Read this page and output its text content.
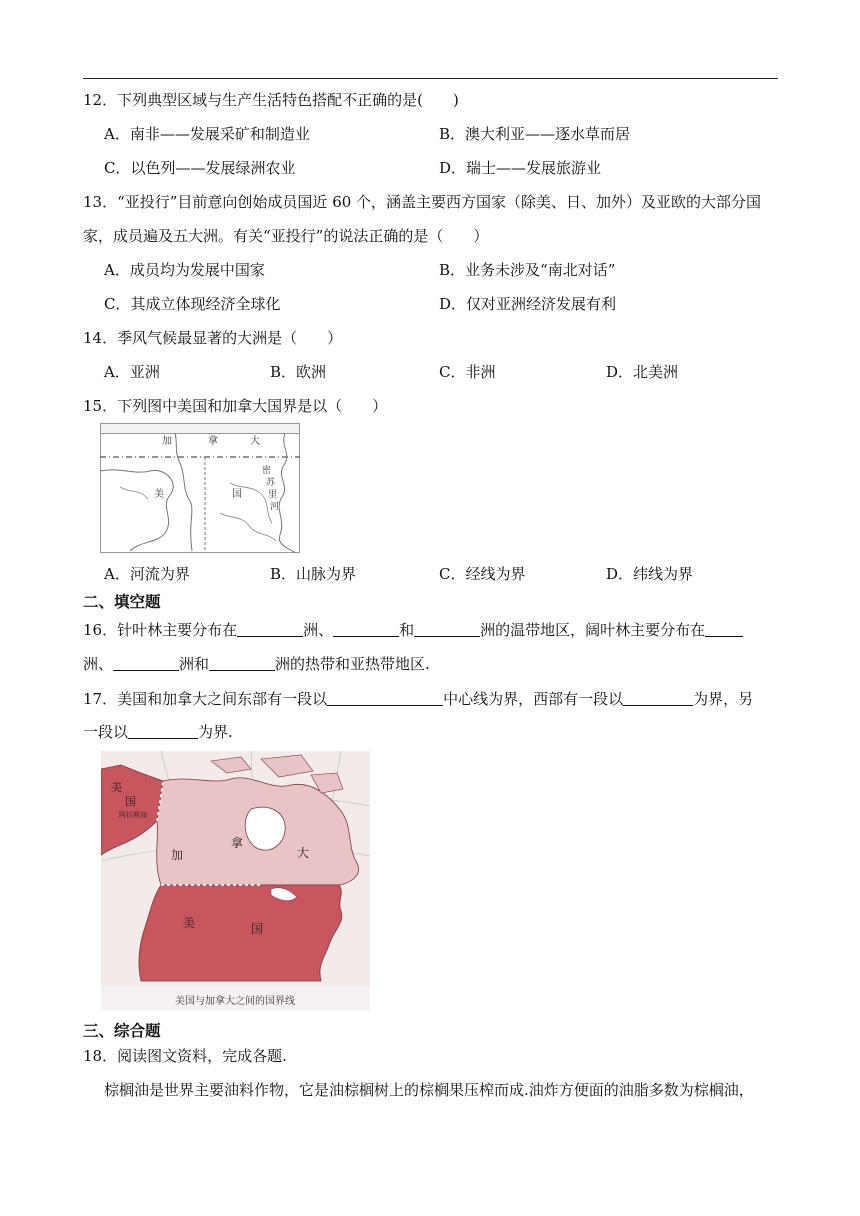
12．下列典型区域与生产生活特色搭配不正确的是(　　)
A．南非——发展采矿和制造业	B．澳大利亚——逐水草而居
C．以色列——发展绿洲农业	D．瑞士——发展旅游业
13．“亚投行”目前意向创始成员国近 60 个，涵盖主要西方国家（除美、日、加外）及亚欧的大部分国
家，成员遍及五大洲。有关“亚投行”的说法正确的是（　　）
A．成员均为发展中国家	B．业务未涉及“南北对话”
C．其成立体现经济全球化	D．仅对亚洲经济发展有利
14．季风气候最显著的大洲是（　　）
A．亚洲	B．欧洲	C．非洲	D．北美洲
15．下列图中美国和加拿大国界是以（　　）
加	拿	大
美	国
密
苏
里
河
A．河流为界	B．山脉为界	C．经线为界	D．纬线为界
二、填空题
16．针叶林主要分布在	洲、	和	洲的温带地区，阔叶林主要分布在
洲、	洲和	洲的热带和亚热带地区.
17．美国和加拿大之间东部有一段以	中心线为界，西部有一段以	为界，另
一段以	为界.
美
国
阿拉斯加
加
拿
大
美	国
美国与加拿大之间的国界线
三、综合题
18．阅读图文资料，完成各题.
棕榈油是世界主要油料作物，它是油棕榈树上的棕榈果压榨而成.油炸方便面的油脂多数为棕榈油，
